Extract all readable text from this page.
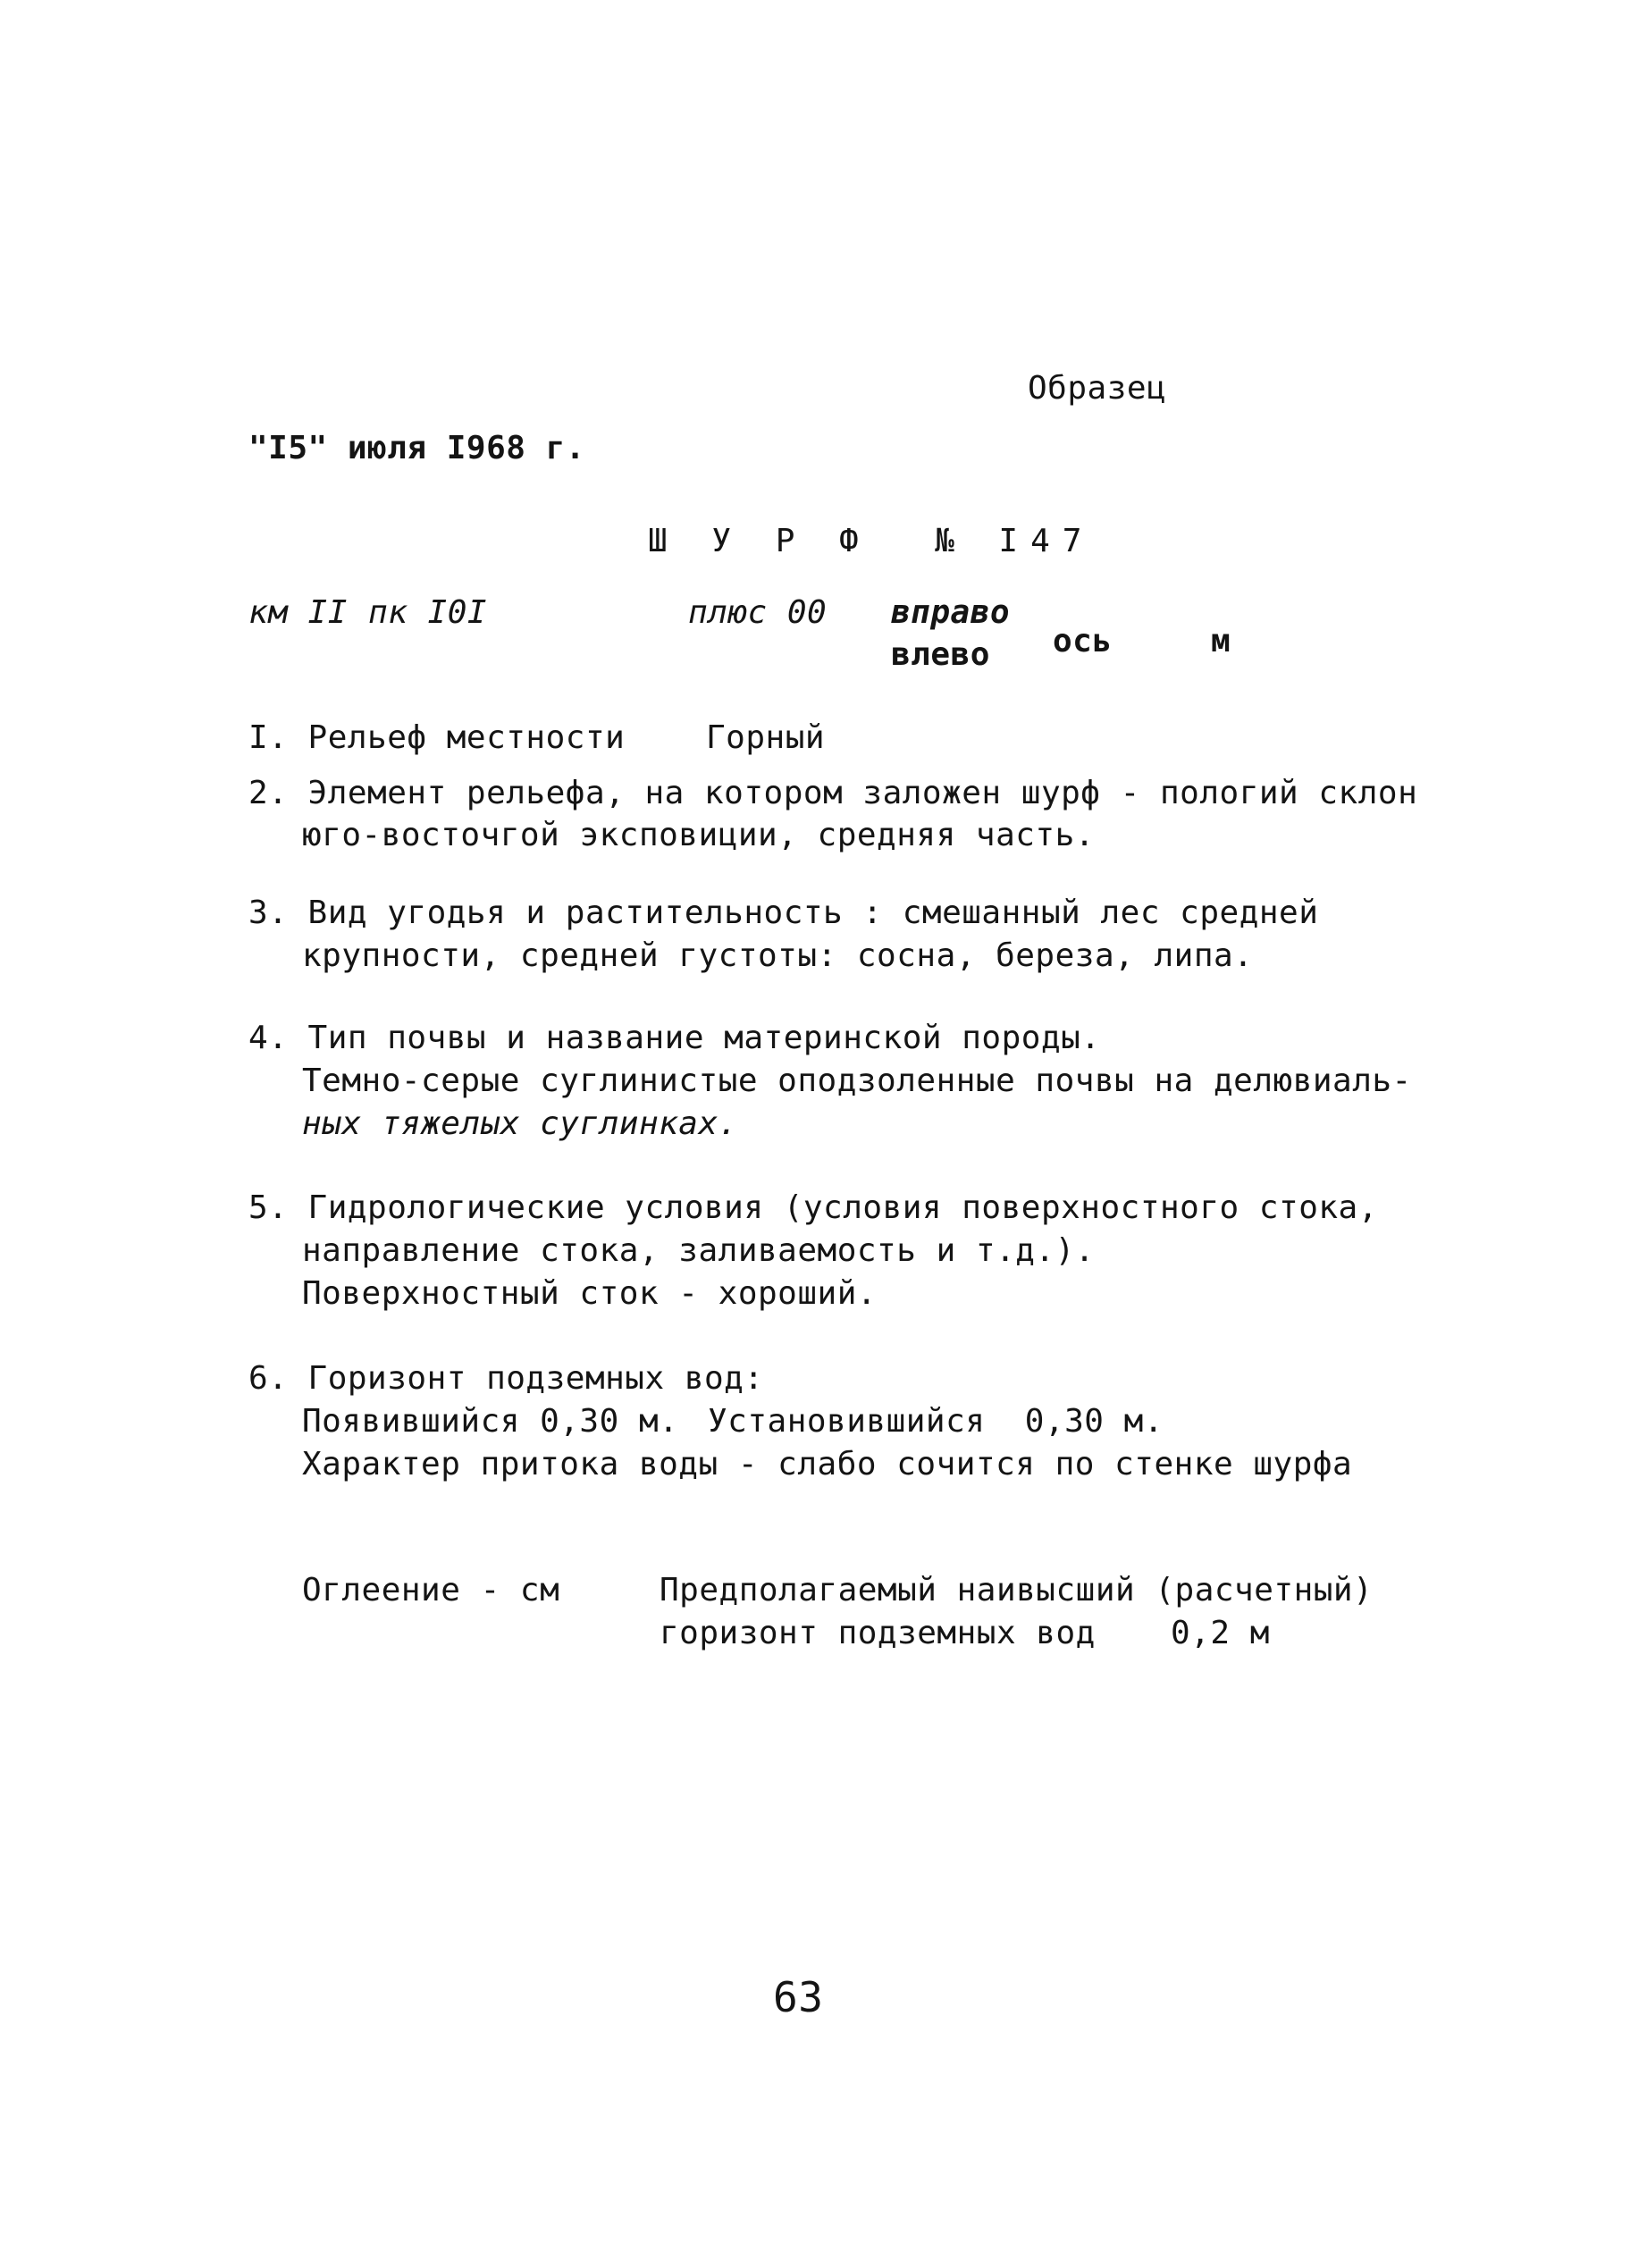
Образец
"I5" июля I968 г.
Ш У Р Ф  № I47
км II пк I0I	плюс 00 вправо
влево ось	м
I. Рельеф местности	Горный
2. Элемент рельефа, на котором заложен шурф - пологий склон
юго-восточгой эксповиции, средняя часть.
3. Вид угодья и растительность : смешанный лес средней
крупности, средней густоты: сосна, береза, липа.
4. Тип почвы и название материнской породы.
Темно-серые суглинистые оподзоленные почвы на делювиаль-
ных тяжелых суглинках.
5. Гидрологические условия (условия поверхностного стока,
направление стока, заливаемость и т.д.).
Поверхностный сток - хороший.
6. Горизонт подземных вод:
Появившийся 0,30 м. Установившийся  0,30 м.
Характер притока воды - слабо сочится по стенке шурфа
Оглеение - см	Предполагаемый наивысший (расчетный)
горизонт подземных вод 0,2 м
63
